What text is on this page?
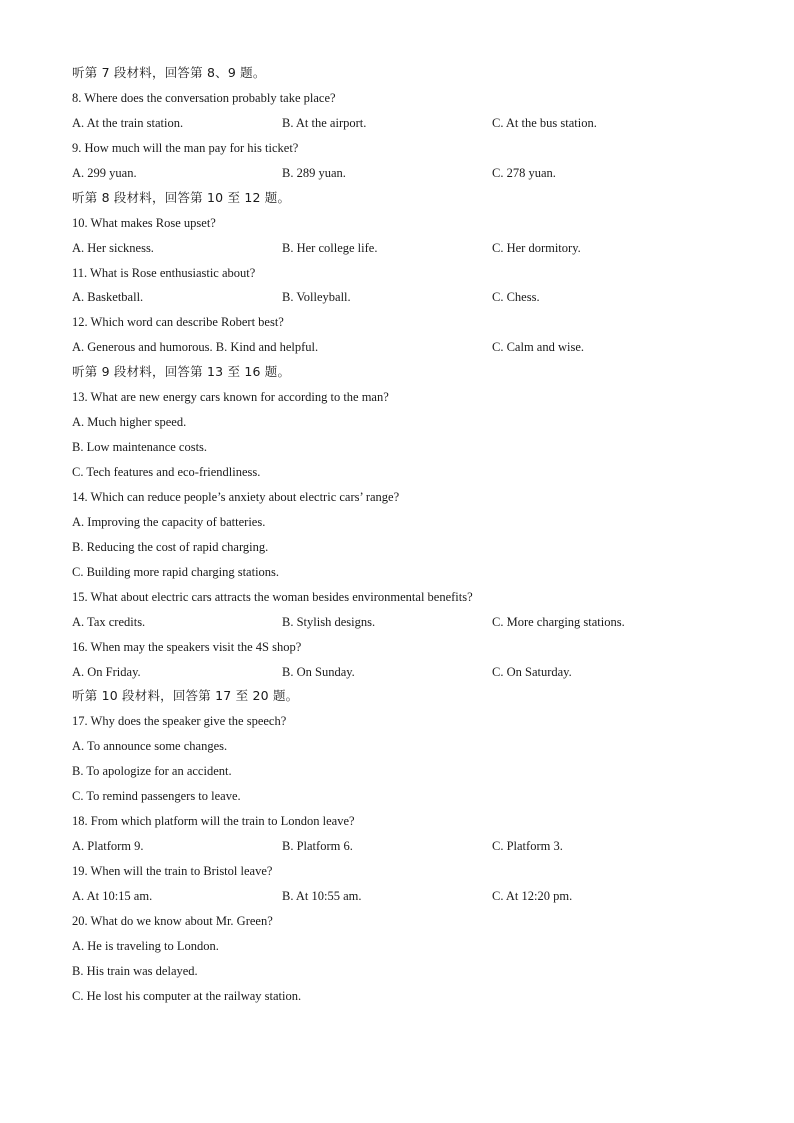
听第 7 段材料，回答第 8、9 题。
8. Where does the conversation probably take place?
A. At the train station.	B. At the airport.	C. At the bus station.
9. How much will the man pay for his ticket?
A. 299 yuan.	B. 289 yuan.	C. 278 yuan.
听第 8 段材料，回答第 10 至 12 题。
10. What makes Rose upset?
A. Her sickness.	B. Her college life.	C. Her dormitory.
11. What is Rose enthusiastic about?
A. Basketball.	B. Volleyball.	C. Chess.
12. Which word can describe Robert best?
A. Generous and humorous. B. Kind and helpful.	C. Calm and wise.
听第 9 段材料，回答第 13 至 16 题。
13. What are new energy cars known for according to the man?
A. Much higher speed.
B. Low maintenance costs.
C. Tech features and eco-friendliness.
14. Which can reduce people’s anxiety about electric cars’ range?
A. Improving the capacity of batteries.
B. Reducing the cost of rapid charging.
C. Building more rapid charging stations.
15. What about electric cars attracts the woman besides environmental benefits?
A. Tax credits.	B. Stylish designs.	C. More charging stations.
16. When may the speakers visit the 4S shop?
A. On Friday.	B. On Sunday.	C. On Saturday.
听第 10 段材料，回答第 17 至 20 题。
17. Why does the speaker give the speech?
A. To announce some changes.
B. To apologize for an accident.
C. To remind passengers to leave.
18. From which platform will the train to London leave?
A. Platform 9.	B. Platform 6.	C. Platform 3.
19. When will the train to Bristol leave?
A. At 10:15 am.	B. At 10:55 am.	C. At 12:20 pm.
20. What do we know about Mr. Green?
A. He is traveling to London.
B. His train was delayed.
C. He lost his computer at the railway station.
